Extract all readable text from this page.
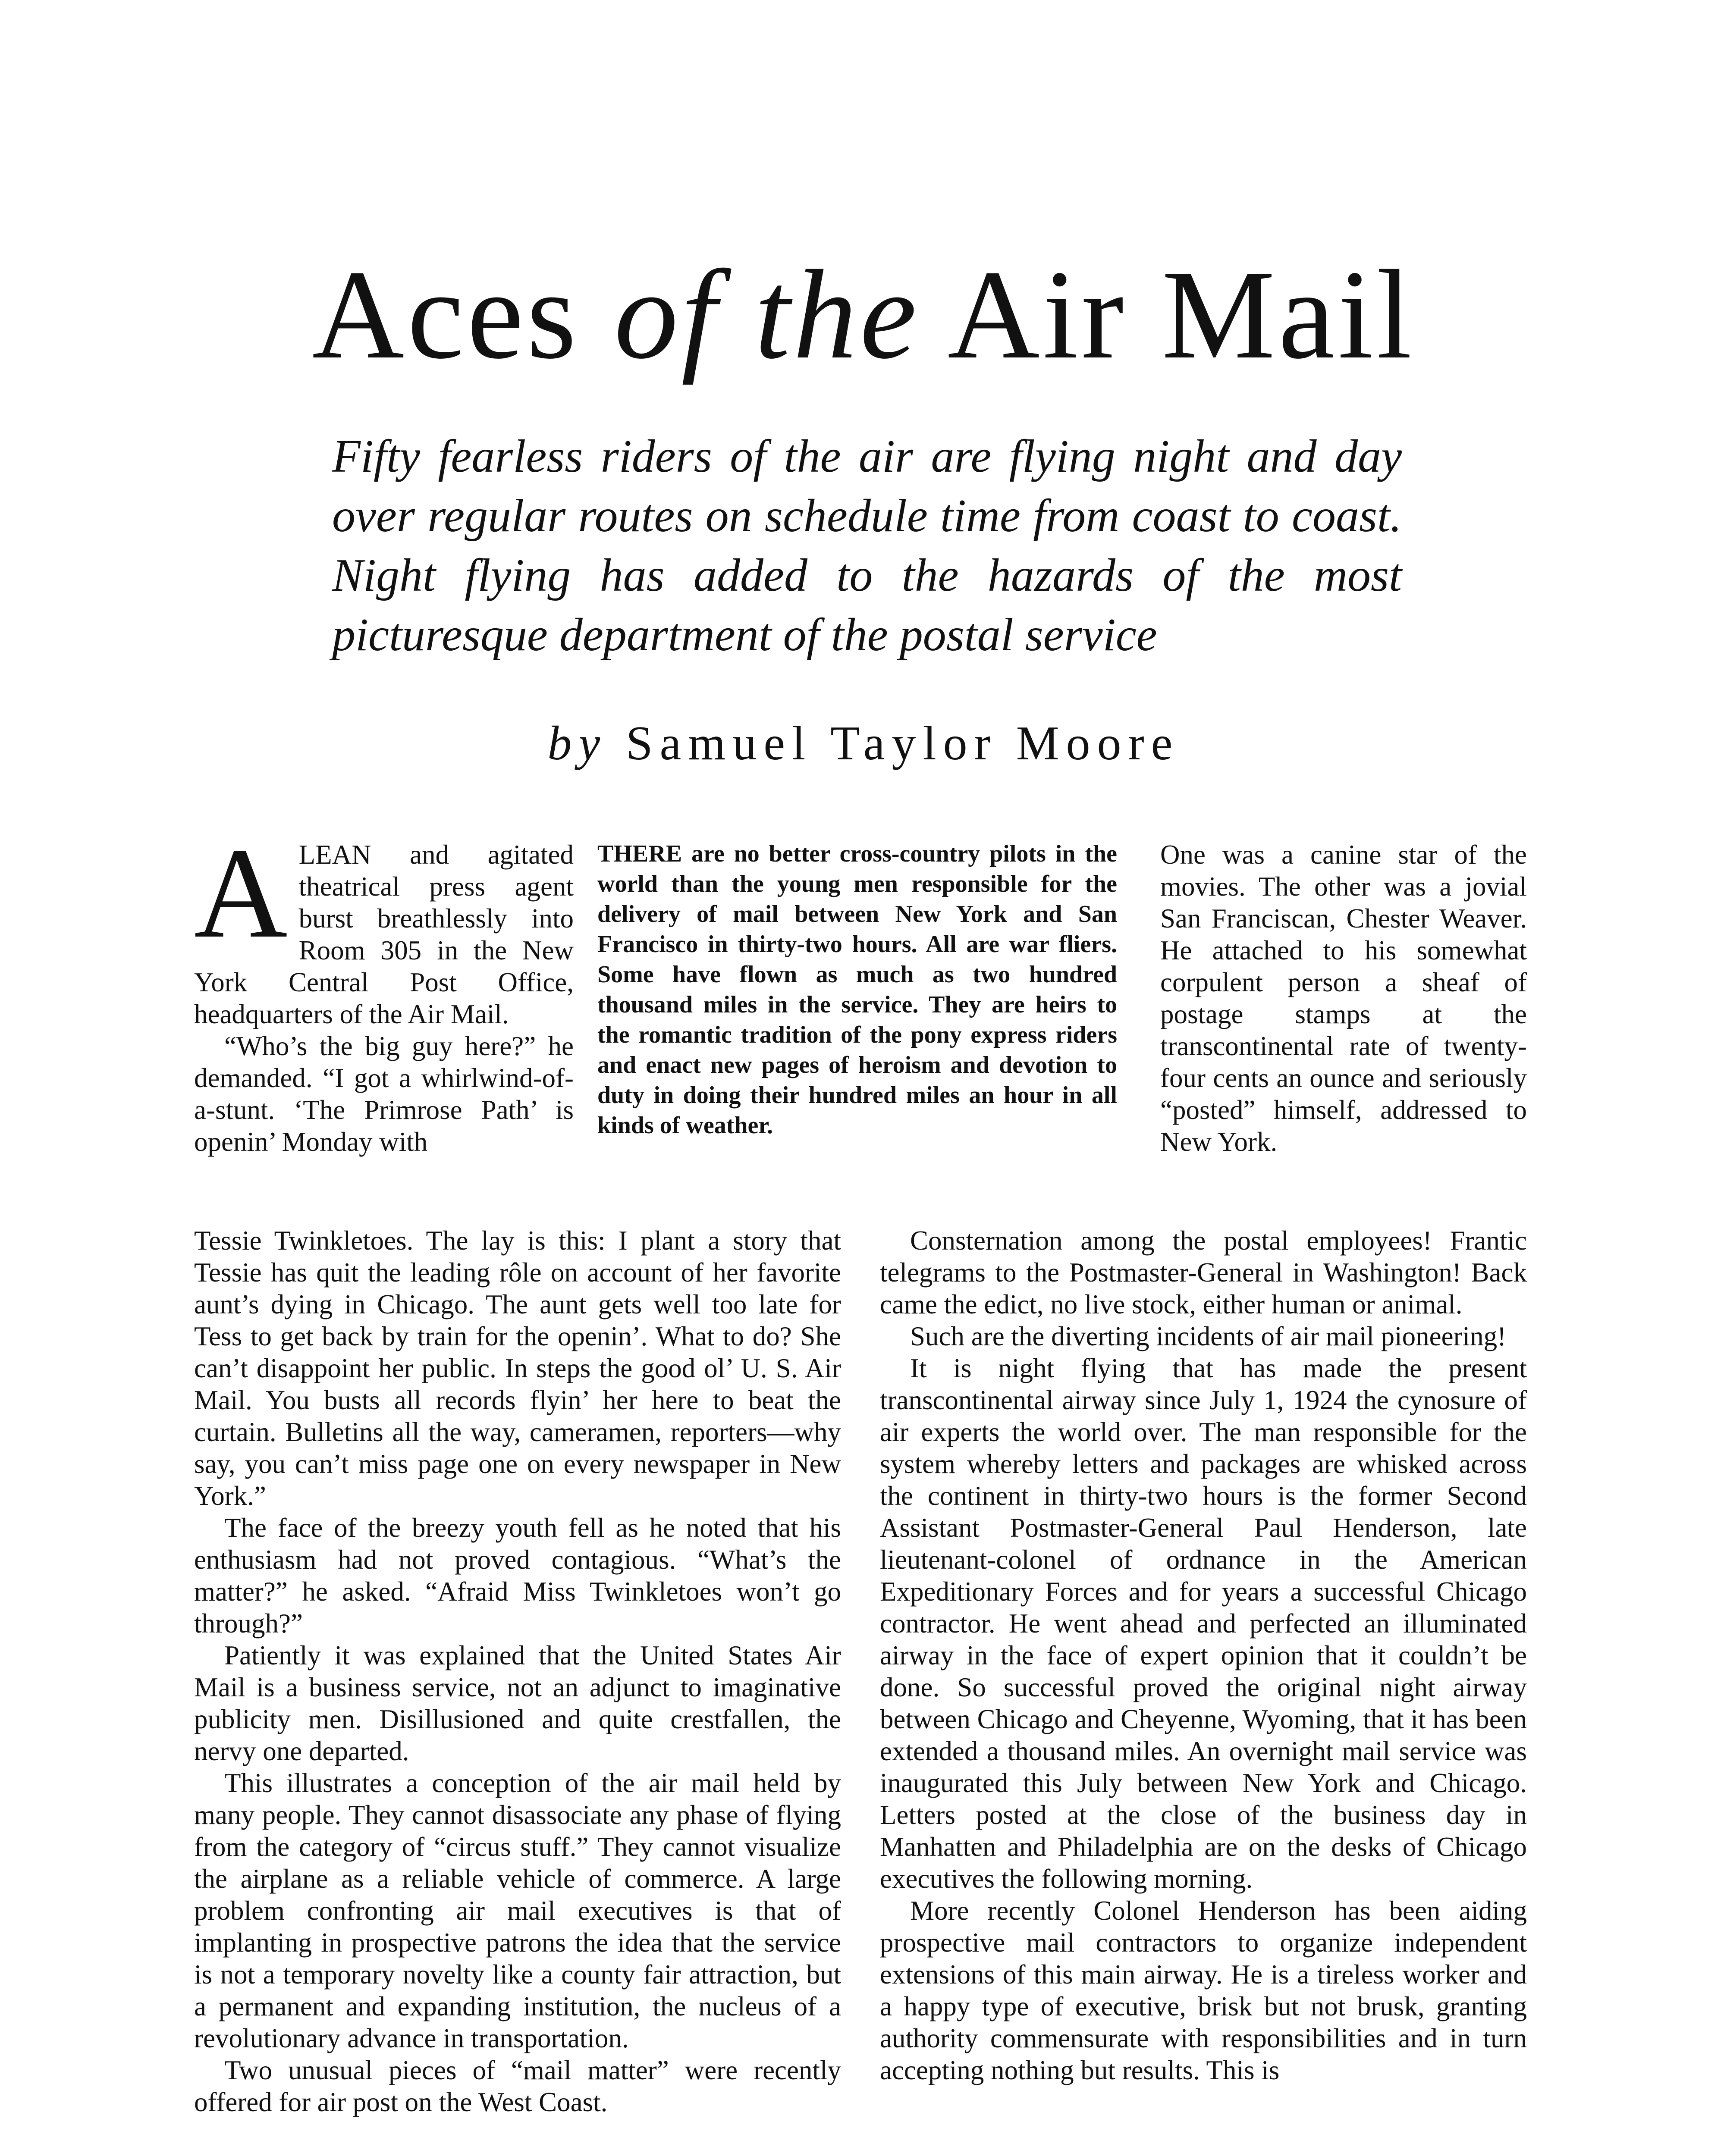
Aces of the Air Mail

Fifty fearless riders of the air are flying night and day over regular routes on schedule time from coast to coast. Night flying has added to the hazards of the most picturesque department of the postal service

by Samuel Taylor Moore

ALEAN and agitated theatrical press agent burst breathlessly into Room 305 in the New York Central Post Office, headquarters of the Air Mail.

“Who’s the big guy here?” he demanded. “I got a whirlwind-of-a-stunt. ‘The Primrose Path’ is openin’ Monday with

THERE are no better cross-country pilots in the world than the young men responsible for the delivery of mail between New York and San Francisco in thirty-two hours. All are war fliers. Some have flown as much as two hundred thousand miles in the service. They are heirs to the romantic tradition of the pony express riders and enact new pages of heroism and devotion to duty in doing their hundred miles an hour in all kinds of weather.

One was a canine star of the movies. The other was a jovial San Franciscan, Chester Weaver. He attached to his somewhat corpulent person a sheaf of postage stamps at the transcontinental rate of twenty-four cents an ounce and seriously “posted” himself, addressed to New York.

Tessie Twinkletoes. The lay is this: I plant a story that Tessie has quit the leading rôle on account of her favorite aunt’s dying in Chicago. The aunt gets well too late for Tess to get back by train for the openin’. What to do? She can’t disappoint her public. In steps the good ol’ U. S. Air Mail. You busts all records flyin’ her here to beat the curtain. Bulletins all the way, cameramen, reporters—why say, you can’t miss page one on every newspaper in New York.”

The face of the breezy youth fell as he noted that his enthusiasm had not proved contagious. “What’s the matter?” he asked. “Afraid Miss Twinkletoes won’t go through?”

Patiently it was explained that the United States Air Mail is a business service, not an adjunct to imaginative publicity men. Disillusioned and quite crestfallen, the nervy one departed.

This illustrates a conception of the air mail held by many people. They cannot disassociate any phase of flying from the category of “circus stuff.” They cannot visualize the airplane as a reliable vehicle of commerce. A large problem confronting air mail executives is that of implanting in prospective patrons the idea that the service is not a temporary novelty like a county fair attraction, but a permanent and expanding institution, the nucleus of a revolutionary advance in transportation.

Two unusual pieces of “mail matter” were recently offered for air post on the West Coast.

Consternation among the postal employees! Frantic telegrams to the Postmaster-General in Washington! Back came the edict, no live stock, either human or animal.

Such are the diverting incidents of air mail pioneering!

It is night flying that has made the present transcontinental airway since July 1, 1924 the cynosure of air experts the world over. The man responsible for the system whereby letters and packages are whisked across the continent in thirty-two hours is the former Second Assistant Postmaster-General Paul Henderson, late lieutenant-colonel of ordnance in the American Expeditionary Forces and for years a successful Chicago contractor. He went ahead and perfected an illuminated airway in the face of expert opinion that it couldn’t be done. So successful proved the original night airway between Chicago and Cheyenne, Wyoming, that it has been extended a thousand miles. An overnight mail service was inaugurated this July between New York and Chicago. Letters posted at the close of the business day in Manhatten and Philadelphia are on the desks of Chicago executives the following morning.

More recently Colonel Henderson has been aiding prospective mail contractors to organize independent extensions of this main airway. He is a tireless worker and a happy type of executive, brisk but not brusk, granting authority commensurate with responsibilities and in turn accepting nothing but results. This is
